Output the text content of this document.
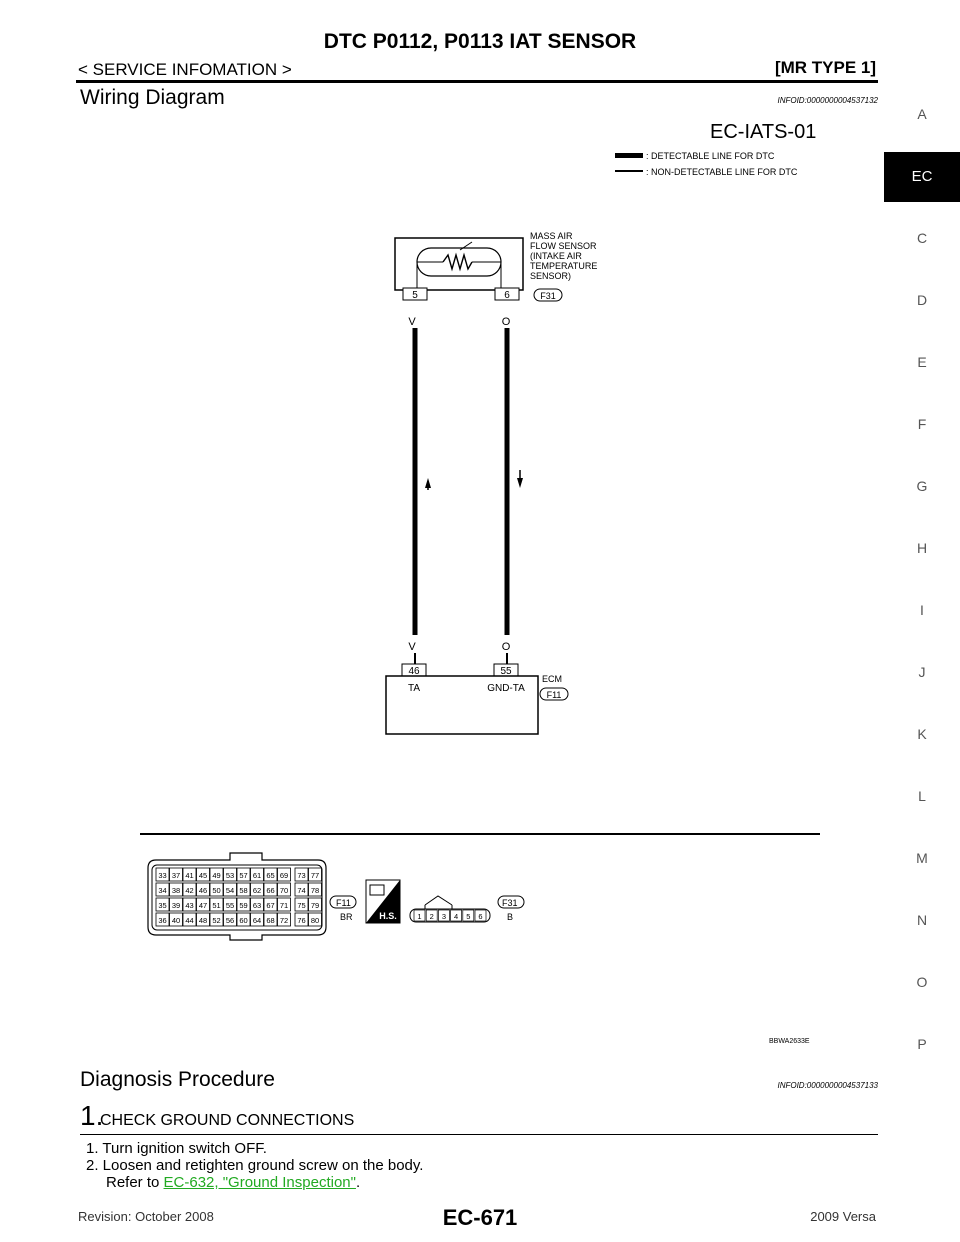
DTC P0112, P0113 IAT SENSOR
< SERVICE INFOMATION >	[MR TYPE 1]
Wiring Diagram	INFOID:0000000004537132
EC-IATS-01
: DETECTABLE LINE FOR DTC
: NON-DETECTABLE LINE FOR DTC
5	6
MASS AIR FLOW SENSOR (INTAKE AIR TEMPERATURE SENSOR)
F31
V	O
V	O
46	55
TA	GND-TA
ECM
F11
33 37 41 45 49 53 57 61 65 69 73 77
34 38 42 46 50 54 58 62 66 70 74 78
35 39 43 47 51 55 59 63 67 71 75 79
36 40 44 48 52 56 60 64 68 72 76 80
F11
BR	H.S.	1 2 3 4 5 6
F31
B
BBWA2633E
Diagnosis Procedure	INFOID:0000000004537133
1.
CHECK GROUND CONNECTIONS
1. Turn ignition switch OFF.
2. Loosen and retighten ground screw on the body.
Refer to EC-632, "Ground Inspection".
A
EC
C
D
E
F
G
H
I
J
K
L
M
N
O
P
Revision: October 2008	EC-671	2009 Versa
